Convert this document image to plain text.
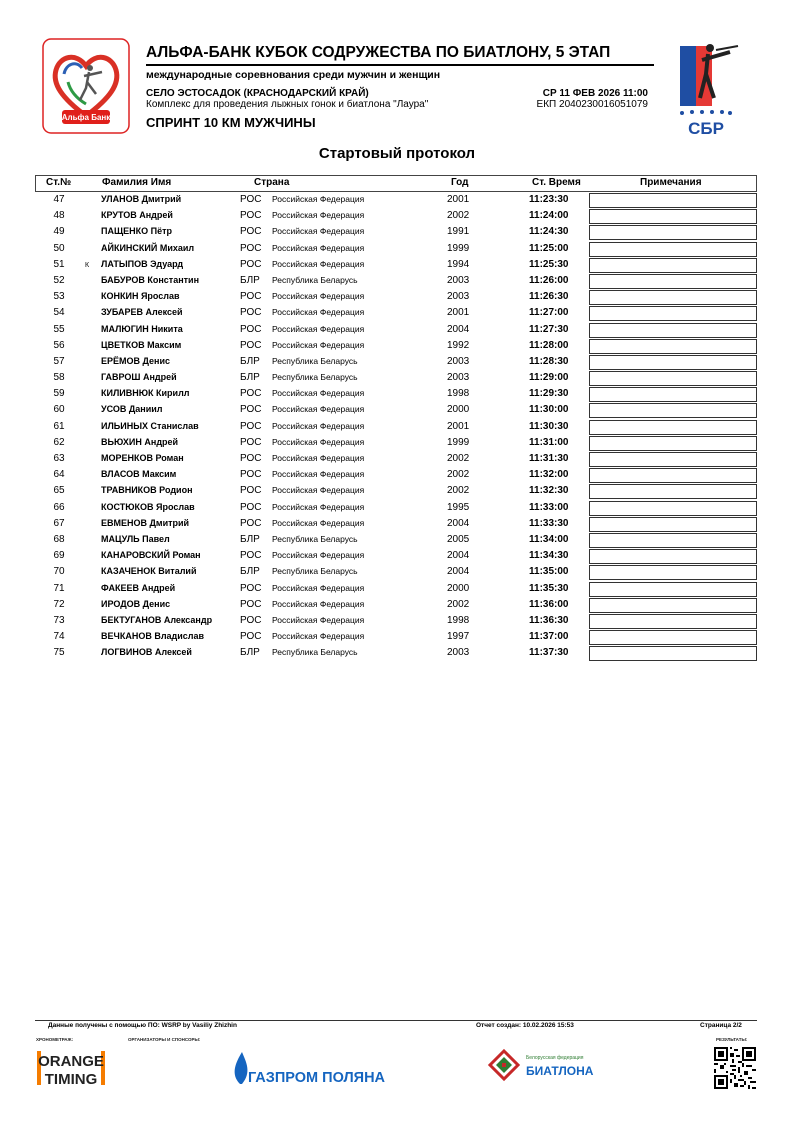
Альфа Банк
АЛЬФА-БАНК КУБОК СОДРУЖЕСТВА ПО БИАТЛОНУ, 5 ЭТАП
международные соревнования среди мужчин и женщин
СЕЛО ЭСТОСАДОК (КРАСНОДАРСКИЙ КРАЙ)
Комплекс для проведения лыжных гонок и биатлона "Лаура"
СР 11 ФЕВ 2026 11:00
ЕКП 2040230016051079
СПРИНТ 10 КМ МУЖЧИНЫ	СБР
Стартовый протокол
Ст.№	Фамилия Имя	Страна	Год	Ст. Время	Примечания
47	УЛАНОВ Дмитрий	РОС Российская Федерация	2001	11:23:30
48	КРУТОВ Андрей	РОС Российская Федерация	2002	11:24:00
49	ПАЩЕНКО Пётр	РОС Российская Федерация	1991	11:24:30
50	АЙКИНСКИЙ Михаил	РОС Российская Федерация	1999	11:25:00
51	К ЛАТЫПОВ Эдуард	РОС Российская Федерация	1994	11:25:30
52	БАБУРОВ Константин	БЛР Республика Беларусь	2003	11:26:00
53	КОНКИН Ярослав	РОС Российская Федерация	2003	11:26:30
54	ЗУБАРЕВ Алексей	РОС Российская Федерация	2001	11:27:00
55	МАЛЮГИН Никита	РОС Российская Федерация	2004	11:27:30
56	ЦВЕТКОВ Максим	РОС Российская Федерация	1992	11:28:00
57	ЕРЁМОВ Денис	БЛР Республика Беларусь	2003	11:28:30
58	ГАВРОШ Андрей	БЛР Республика Беларусь	2003	11:29:00
59	КИЛИВНЮК Кирилл	РОС Российская Федерация	1998	11:29:30
60	УСОВ Даниил	РОС Российская Федерация	2000	11:30:00
61	ИЛЬИНЫХ Станислав	РОС Российская Федерация	2001	11:30:30
62	ВЬЮХИН Андрей	РОС Российская Федерация	1999	11:31:00
63	МОРЕНКОВ Роман	РОС Российская Федерация	2002	11:31:30
64	ВЛАСОВ Максим	РОС Российская Федерация	2002	11:32:00
65	ТРАВНИКОВ Родион	РОС Российская Федерация	2002	11:32:30
66	КОСТЮКОВ Ярослав	РОС Российская Федерация	1995	11:33:00
67	ЕВМЕНОВ Дмитрий	РОС Российская Федерация	2004	11:33:30
68	МАЦУЛЬ Павел	БЛР Республика Беларусь	2005	11:34:00
69	КАНАРОВСКИЙ Роман	РОС Российская Федерация	2004	11:34:30
70	КАЗАЧЕНОК Виталий	БЛР Республика Беларусь	2004	11:35:00
71	ФАКЕЕВ Андрей	РОС Российская Федерация	2000	11:35:30
72	ИРОДОВ Денис	РОС Российская Федерация	2002	11:36:00
73	БЕКТУГАНОВ Александр	РОС Российская Федерация	1998	11:36:30
74	ВЕЧКАНОВ Владислав	РОС Российская Федерация	1997	11:37:00
75	ЛОГВИНОВ Алексей	БЛР Республика Беларусь	2003	11:37:30
Данные получены с помощью ПО: WSRP by Vasiliy Zhizhin	Отчет создан: 10.02.2026 15:53	Страница 2/2
ХРОНОМЕТРАЖ:	ОРГАНИЗАТОРЫ И СПОНСОРЫ:	РЕЗУЛЬТАТЫ:
ORANGE
TIMING	ГАЗПРОМ ПОЛЯНА
Белорусская федерация
БИАТЛОНА
